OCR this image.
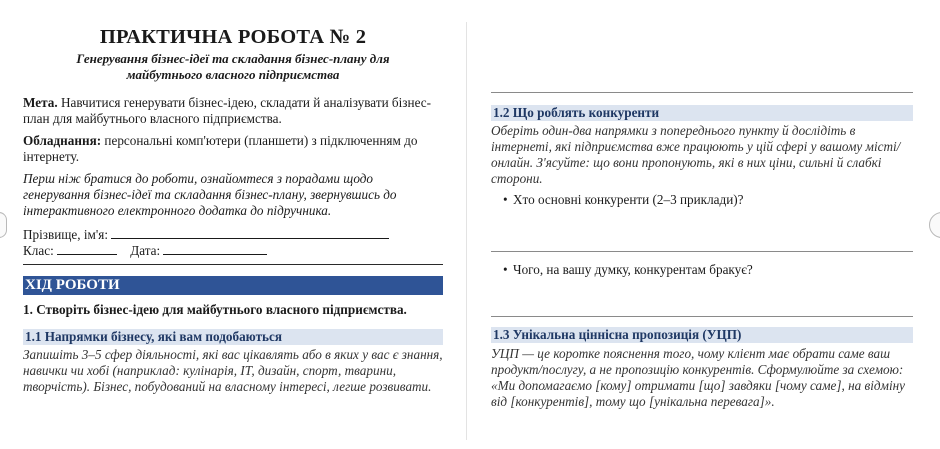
ПРАКТИЧНА РОБОТА № 2

Генерування бізнес-ідеї та складання бізнес-плану для

майбутнього власного підприємства

Мета. Навчитися генерувати бізнес-ідею, складати й аналізувати бізнес-план для майбутнього власного підприємства.

Обладнання: персональні комп'ютери (планшети) з підключенням до інтернету.

Перш ніж братися до роботи, ознайомтеся з порадами щодо генерування бізнес-ідеї та складання бізнес-плану, звернувшись до інтерактивного електронного додатка до підручника.

Прізвище, ім'я:

Клас:	Дата:

ХІД РОБОТИ

1. Створіть бізнес-ідею для майбутнього власного підприємства.

1.1 Напрямки бізнесу, які вам подобаються

Запишіть 3–5 сфер діяльності, які вас цікавлять або в яких у вас є знання, навички чи хобі (наприклад: кулінарія, ІТ, дизайн, спорт, тварини, творчість). Бізнес, побудований на власному інтересі, легше розвивати.

1.2 Що роблять конкуренти

Оберіть один-два напрямки з попереднього пункту й дослідіть в інтернеті, які підприємства вже працюють у цій сфері у вашому місті/онлайн. З'ясуйте: що вони пропонують, які в них ціни, сильні й слабкі сторони.

• Хто основні конкуренти (2–3 приклади)?

• Чого, на вашу думку, конкурентам бракує?

1.3 Унікальна ціннісна пропозиція (УЦП)

УЦП — це коротке пояснення того, чому клієнт має обрати саме ваш продукт/послугу, а не пропозицію конкурентів. Сформулюйте за схемою: «Ми допомагаємо [кому] отримати [що] завдяки [чому саме], на відміну від [конкурентів], тому що [унікальна перевага]».
